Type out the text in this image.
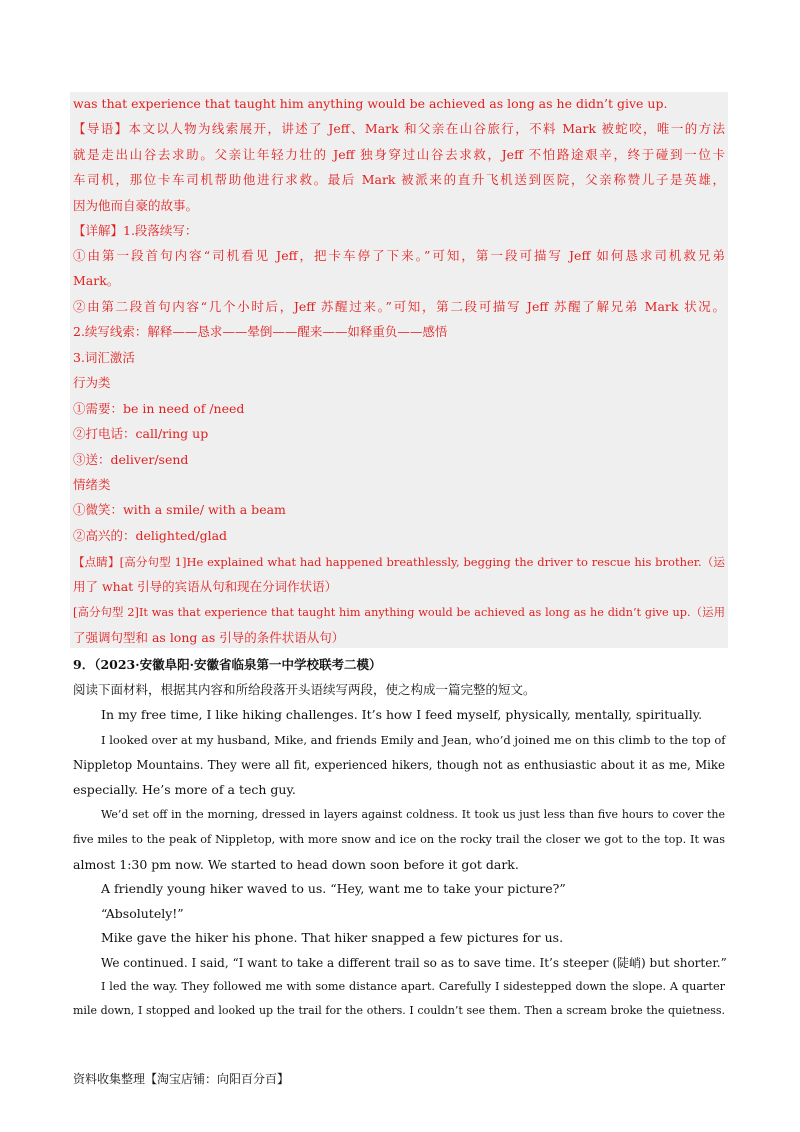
was that experience that taught him anything would be achieved as long as he didn’t give up.
【导语】本文以人物为线索展开，讲述了 Jeff、Mark 和父亲在山谷旅行，不料 Mark 被蛇咬，唯一的方法
就是走出山谷去求助。父亲让年轻力壮的 Jeff 独身穿过山谷去求救，Jeff 不怕路途艰辛，终于碰到一位卡
车司机，那位卡车司机帮助他进行求救。最后 Mark 被派来的直升飞机送到医院，父亲称赞儿子是英雄，
因为他而自豪的故事。
【详解】1.段落续写：
①由第一段首句内容“司机看见 Jeff，把卡车停了下来。”可知，第一段可描写 Jeff 如何恳求司机救兄弟
Mark。
②由第二段首句内容“几个小时后，Jeff 苏醒过来。”可知，第二段可描写 Jeff 苏醒了解兄弟 Mark 状况。
2.续写线索：解释——恳求——晕倒——醒来——如释重负——感悟
3.词汇激活
行为类
①需要：be in need of /need
②打电话：call/ring up
③送：deliver/send
情绪类
①微笑：with a smile/ with a beam
②高兴的：delighted/glad
【点睛】[高分句型 1]He explained what had happened breathlessly, begging the driver to rescue his brother.（运
用了 what 引导的宾语从句和现在分词作状语）
[高分句型 2]It was that experience that taught him anything would be achieved as long as he didn’t give up.（运用
了强调句型和 as long as 引导的条件状语从句）
9．（2023·安徽阜阳·安徽省临泉第一中学校联考二模）
阅读下面材料，根据其内容和所给段落开头语续写两段，使之构成一篇完整的短文。
In my free time, I like hiking challenges. It’s how I feed myself, physically, mentally, spiritually.
I looked over at my husband, Mike, and friends Emily and Jean, who’d joined me on this climb to the top of
Nippletop Mountains. They were all fit, experienced hikers, though not as enthusiastic about it as me, Mike
especially. He’s more of a tech guy.
We’d set off in the morning, dressed in layers against coldness. It took us just less than five hours to cover the
five miles to the peak of Nippletop, with more snow and ice on the rocky trail the closer we got to the top. It was
almost 1:30 pm now. We started to head down soon before it got dark.
A friendly young hiker waved to us. “Hey, want me to take your picture?”
“Absolutely!”
Mike gave the hiker his phone. That hiker snapped a few pictures for us.
We continued. I said, “I want to take a different trail so as to save time. It’s steeper (陡峭) but shorter.”
I led the way. They followed me with some distance apart. Carefully I sidestepped down the slope. A quarter
mile down, I stopped and looked up the trail for the others. I couldn’t see them. Then a scream broke the quietness.
资料收集整理【淘宝店铺：向阳百分百】
